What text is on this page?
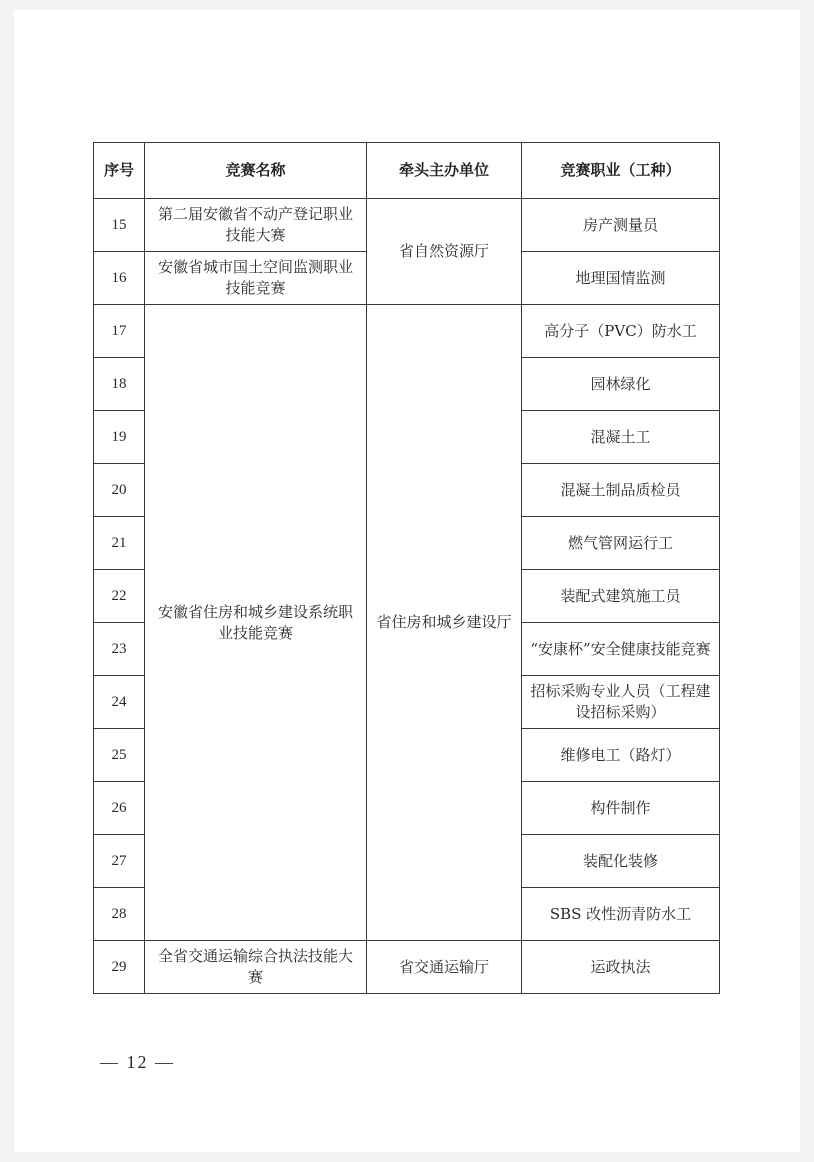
序号	竞赛名称	牵头主办单位	竞赛职业（工种）
15	第二届安徽省不动产登记职业技能大赛	省自然资源厅	房产测量员
16	安徽省城市国土空间监测职业技能竞赛		地理国情监测
17	安徽省住房和城乡建设系统职业技能竞赛	省住房和城乡建设厅	高分子（PVC）防水工
18			园林绿化
19			混凝土工
20			混凝土制品质检员
21			燃气管网运行工
22			装配式建筑施工员
23			“安康杯”安全健康技能竞赛
24			招标采购专业人员（工程建设招标采购）
25			维修电工（路灯）
26			构件制作
27			装配化装修
28			SBS 改性沥青防水工
29	全省交通运输综合执法技能大赛	省交通运输厅	运政执法
— 12 —
